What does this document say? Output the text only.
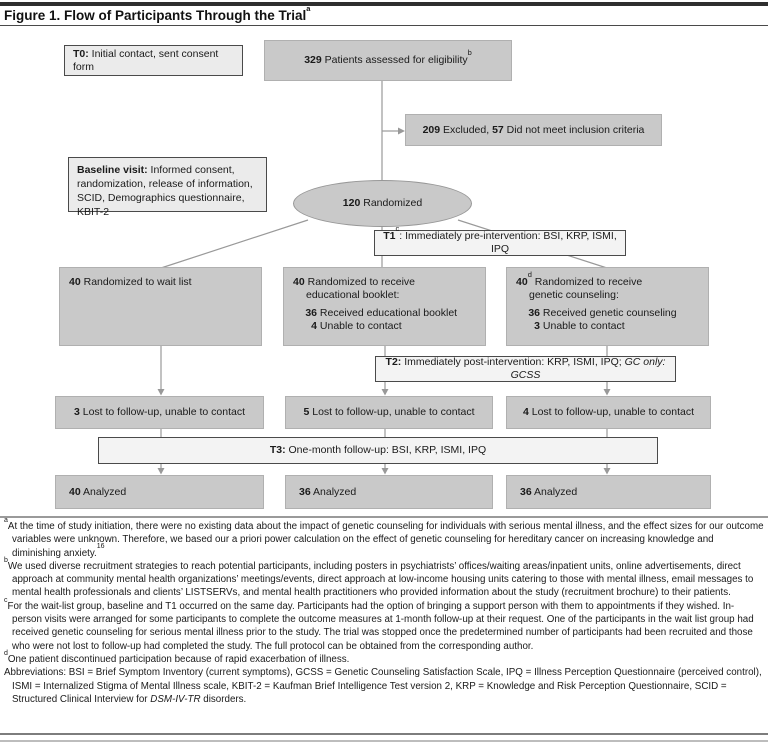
Figure 1. Flow of Participants Through the Trial$^a$
T0: Initial contact, sent consent form
329 Patients assessed for eligibility$^b$
209 Excluded, 57 Did not meet inclusion criteria
Baseline visit: Informed consent, randomization, release of information, SCID, Demographics questionnaire, KBIT-2
120 Randomized
T1$^c$: Immediately pre-intervention: BSI, KRP, ISMI, IPQ
40 Randomized to wait list	40 Randomized to receive
educational booklet:
36 Received educational booklet
4 Unable to contact
40$^d$ Randomized to receive
genetic counseling:
36 Received genetic counseling
3 Unable to contact
T2: Immediately post-intervention: KRP, ISMI, IPQ; GC only: GCSS
3 Lost to follow-up, unable to contact	5 Lost to follow-up, unable to contact	4 Lost to follow-up, unable to contact
T3: One-month follow-up: BSI, KRP, ISMI, IPQ
40 Analyzed	36 Analyzed	36 Analyzed
$^a$At the time of study initiation, there were no existing data about the impact of genetic counseling for individuals with serious mental illness, and the effect sizes for our outcome variables were unknown. Therefore, we based our a priori power calculation on the effect of genetic counseling for hereditary cancer on increasing knowledge and diminishing anxiety.$^{16}$
$^b$We used diverse recruitment strategies to reach potential participants, including posters in psychiatrists’ offices/waiting areas/inpatient units, online advertisements, direct approach at community mental health organizations’ meetings/events, direct approach at low-income housing units catering to those with mental illness, email messages to mental health professionals and clients’ LISTSERVs, and mental health practitioners who provided information about the study (recruitment brochure) to their patients.
$^c$For the wait-list group, baseline and T1 occurred on the same day. Participants had the option of bringing a support person with them to appointments if they wished. In-person visits were arranged for some participants to complete the outcome measures at 1-month follow-up at their request. One of the participants in the wait list group had received genetic counseling for serious mental illness prior to the study. The trial was stopped once the predetermined number of participants had been recruited and those who were not lost to follow-up had completed the study. The full protocol can be obtained from the corresponding author.
$^d$One patient discontinued participation because of rapid exacerbation of illness.
Abbreviations: BSI = Brief Symptom Inventory (current symptoms), GCSS = Genetic Counseling Satisfaction Scale, IPQ = Illness Perception Questionnaire (perceived control), ISMI = Internalized Stigma of Mental Illness scale, KBIT-2 = Kaufman Brief Intelligence Test version 2, KRP = Knowledge and Risk Perception Questionnaire, SCID = Structured Clinical Interview for DSM-IV-TR disorders.
